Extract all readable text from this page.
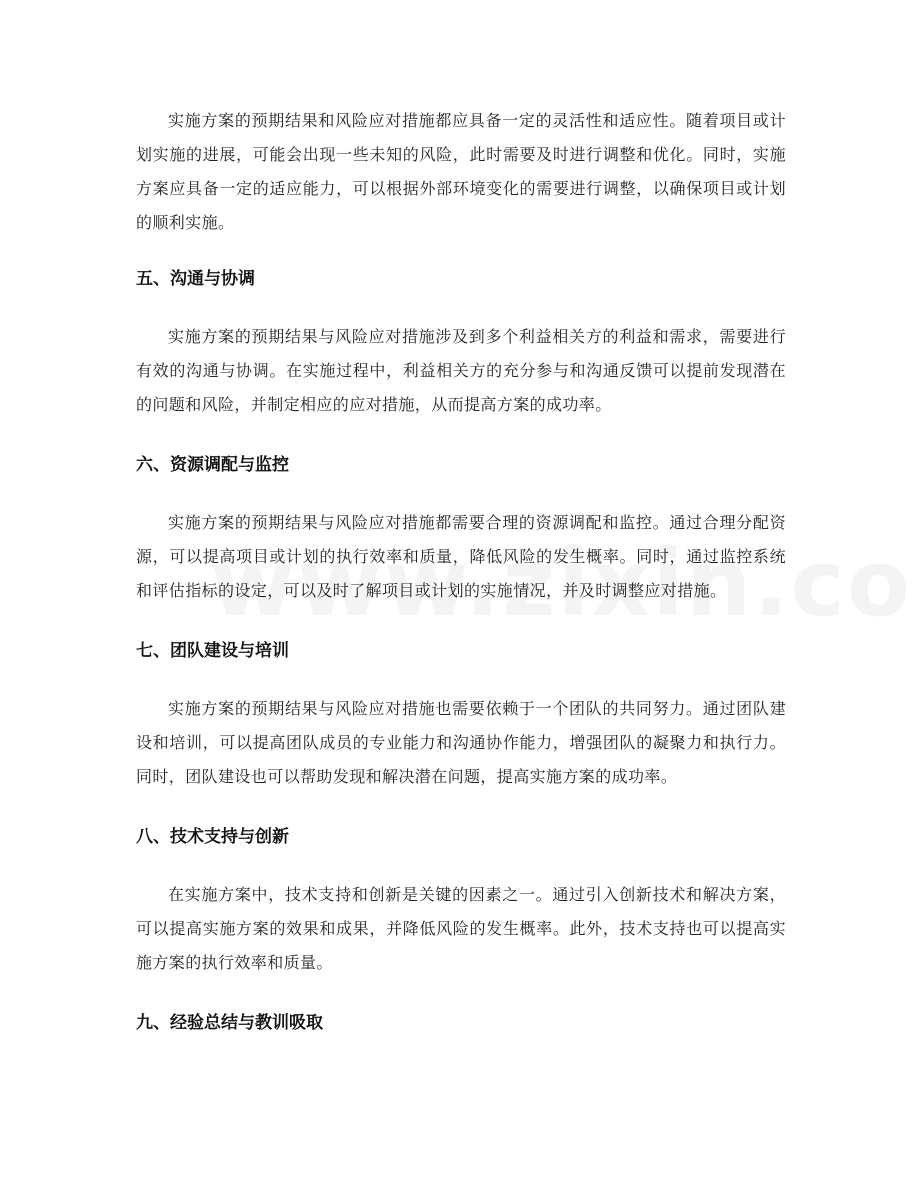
实施方案的预期结果和风险应对措施都应具备一定的灵活性和适应性。随着项目或计划实施的进展，可能会出现一些未知的风险，此时需要及时进行调整和优化。同时，实施方案应具备一定的适应能力，可以根据外部环境变化的需要进行调整，以确保项目或计划的顺利实施。

五、沟通与协调

实施方案的预期结果与风险应对措施涉及到多个利益相关方的利益和需求，需要进行有效的沟通与协调。在实施过程中，利益相关方的充分参与和沟通反馈可以提前发现潜在的问题和风险，并制定相应的应对措施，从而提高方案的成功率。

六、资源调配与监控

实施方案的预期结果与风险应对措施都需要合理的资源调配和监控。通过合理分配资源，可以提高项目或计划的执行效率和质量，降低风险的发生概率。同时，通过监控系统和评估指标的设定，可以及时了解项目或计划的实施情况，并及时调整应对措施。

七、团队建设与培训

实施方案的预期结果与风险应对措施也需要依赖于一个团队的共同努力。通过团队建设和培训，可以提高团队成员的专业能力和沟通协作能力，增强团队的凝聚力和执行力。同时，团队建设也可以帮助发现和解决潜在问题，提高实施方案的成功率。

八、技术支持与创新

在实施方案中，技术支持和创新是关键的因素之一。通过引入创新技术和解决方案，可以提高实施方案的效果和成果，并降低风险的发生概率。此外，技术支持也可以提高实施方案的执行效率和质量。

九、经验总结与教训吸取
